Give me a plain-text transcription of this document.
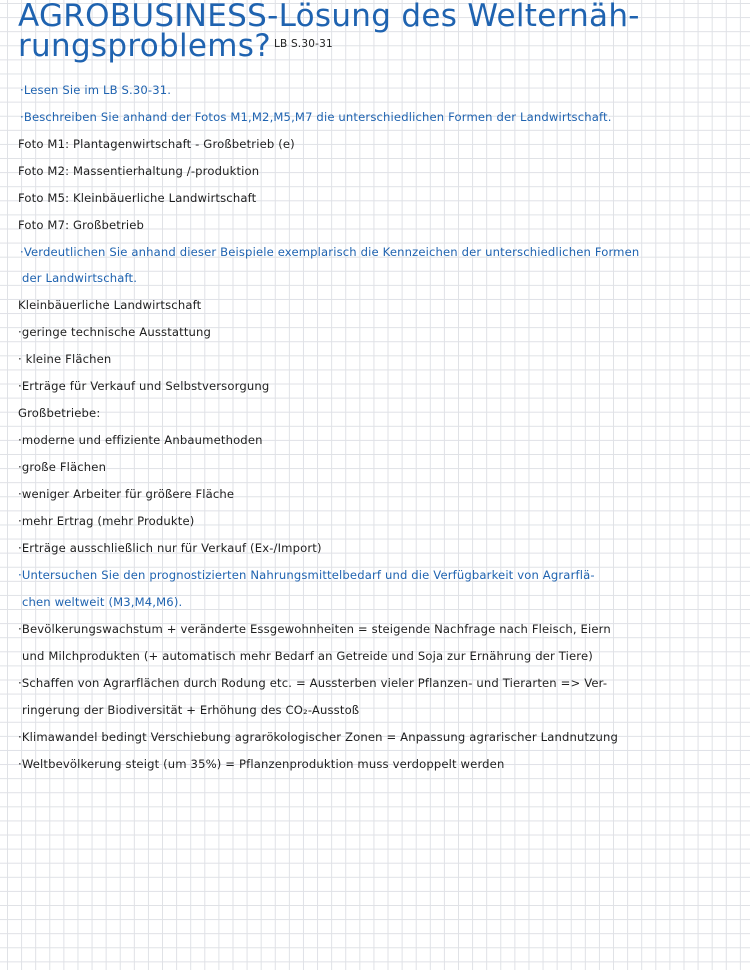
AGROBUSINESS-Lösung des Welternäh-
rungsproblems? LB S.30-31
·Lesen Sie im LB S.30-31.
·Beschreiben Sie anhand der Fotos M1,M2,M5,M7 die unterschiedlichen Formen der Landwirtschaft.
Foto M1: Plantagenwirtschaft - Großbetrieb (e)
Foto M2: Massentierhaltung /-produktion
Foto M5: Kleinbäuerliche Landwirtschaft
Foto M7: Großbetrieb
·Verdeutlichen Sie anhand dieser Beispiele exemplarisch die Kennzeichen der unterschiedlichen Formen
der Landwirtschaft.
Kleinbäuerliche Landwirtschaft
·geringe technische Ausstattung
· kleine Flächen
·Erträge für Verkauf und Selbstversorgung
Großbetriebe:
·moderne und effiziente Anbaumethoden
·große Flächen
·weniger Arbeiter für größere Fläche
·mehr Ertrag (mehr Produkte)
·Erträge ausschließlich nur für Verkauf (Ex-/Import)
·Untersuchen Sie den prognostizierten Nahrungsmittelbedarf und die Verfügbarkeit von Agrarflä-
chen weltweit (M3,M4,M6).
·Bevölkerungswachstum + veränderte Essgewohnheiten = steigende Nachfrage nach Fleisch, Eiern
und Milchprodukten (+ automatisch mehr Bedarf an Getreide und Soja zur Ernährung der Tiere)
·Schaffen von Agrarflächen durch Rodung etc. = Aussterben vieler Pflanzen- und Tierarten => Ver-
ringerung der Biodiversität + Erhöhung des CO₂-Ausstoß
·Klimawandel bedingt Verschiebung agrarökologischer Zonen = Anpassung agrarischer Landnutzung
·Weltbevölkerung steigt (um 35%) = Pflanzenproduktion muss verdoppelt werden
